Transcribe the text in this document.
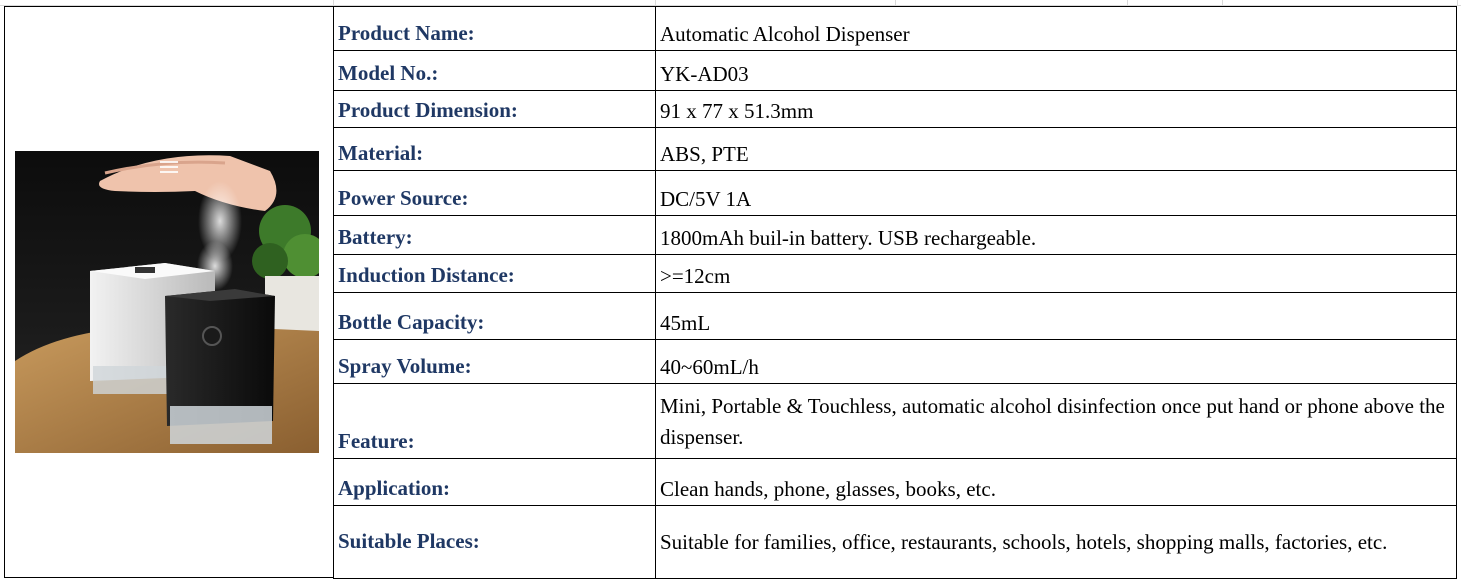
Product Name:	Automatic Alcohol Dispenser
Model No.:	YK-AD03
Product Dimension:	91 x 77 x 51.3mm
Material:	ABS, PTE
Power Source:	DC/5V 1A
Battery:	1800mAh buil-in battery. USB rechargeable.
Induction Distance:	>=12cm
Bottle Capacity:	45mL
Spray Volume:	40~60mL/h
Feature:	Mini, Portable & Touchless, automatic alcohol disinfection once put hand or phone above the dispenser.
Application:	Clean hands, phone, glasses, books, etc.
Suitable Places:	Suitable for families, office, restaurants, schools, hotels, shopping malls, factories, etc.
